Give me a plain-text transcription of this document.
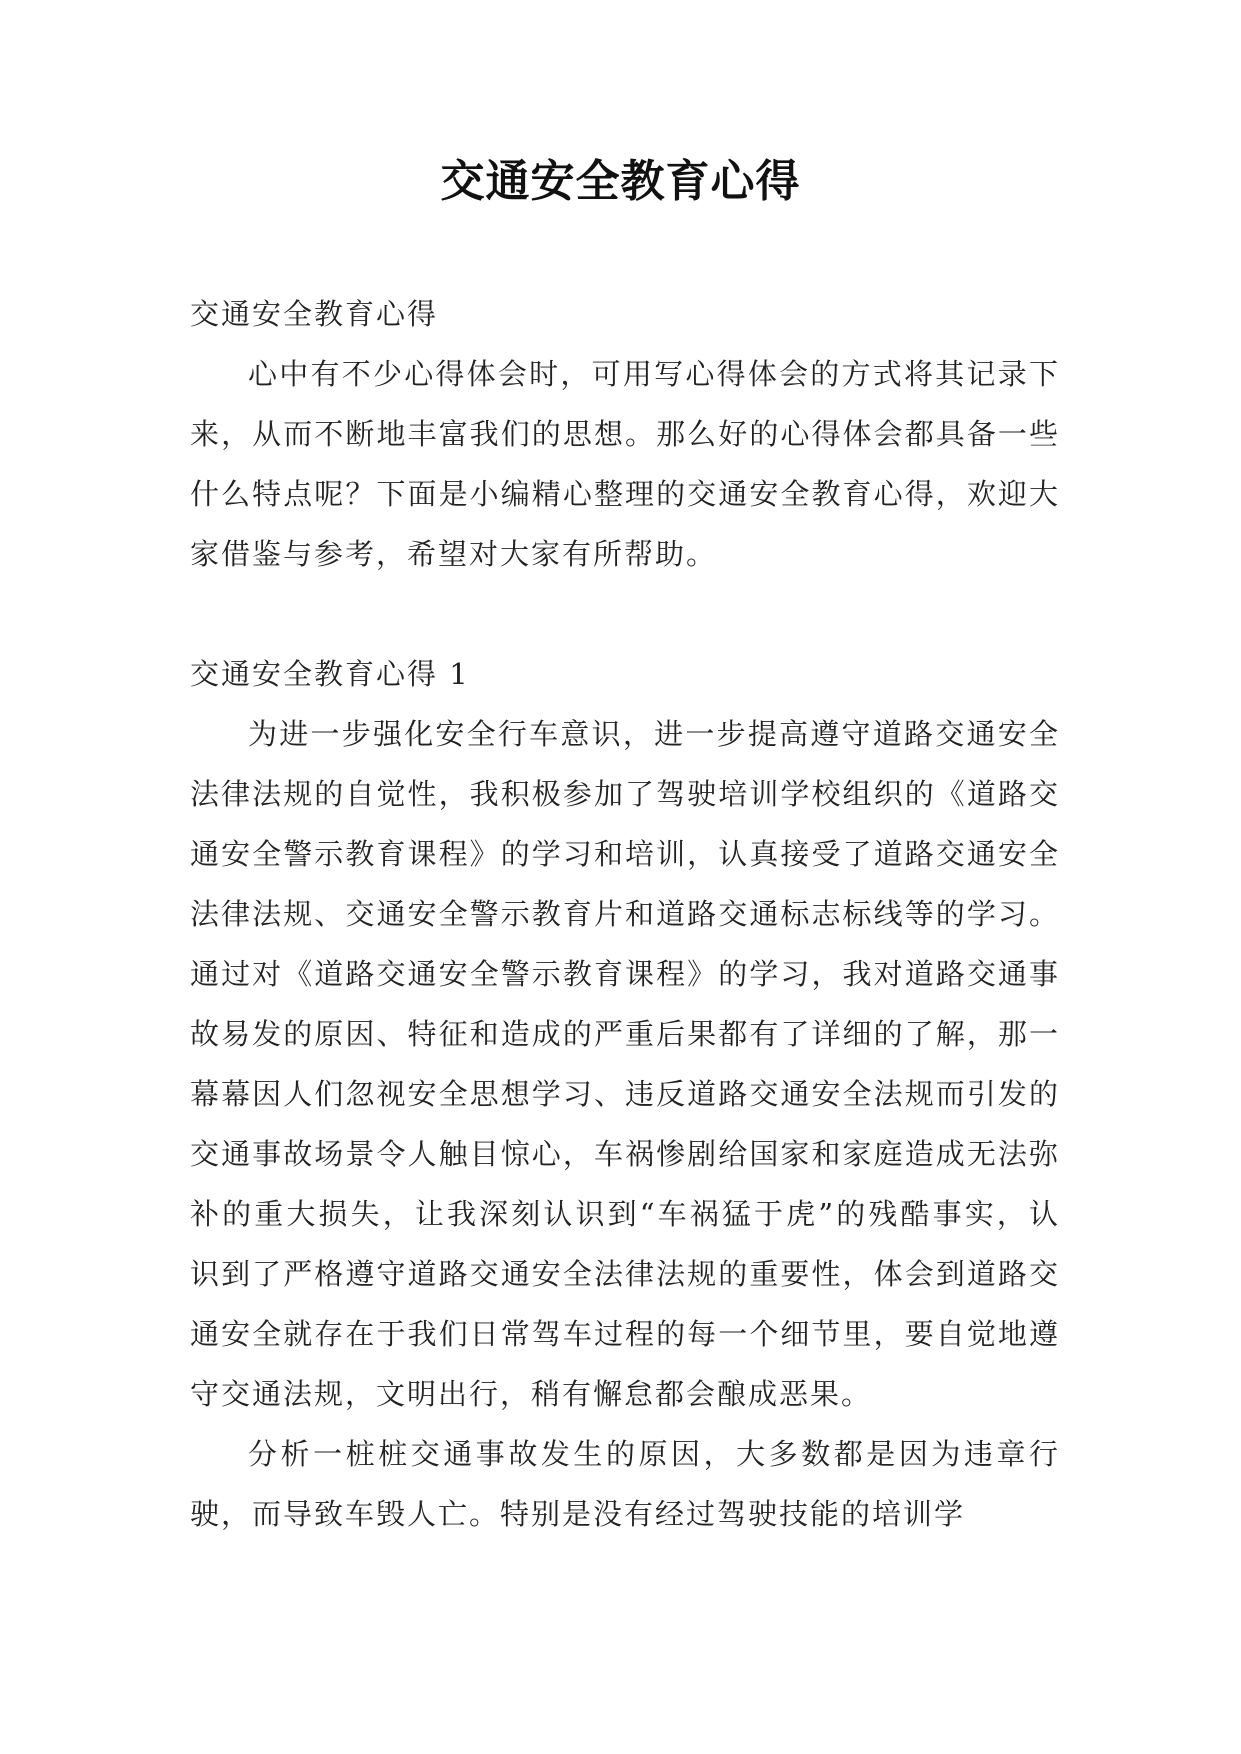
交通安全教育心得

交通安全教育心得

心中有不少心得体会时，可用写心得体会的方式将其记录下来，从而不断地丰富我们的思想。那么好的心得体会都具备一些什么特点呢？下面是小编精心整理的交通安全教育心得，欢迎大家借鉴与参考，希望对大家有所帮助。

交通安全教育心得 1

为进一步强化安全行车意识，进一步提高遵守道路交通安全法律法规的自觉性，我积极参加了驾驶培训学校组织的《道路交通安全警示教育课程》的学习和培训，认真接受了道路交通安全法律法规、交通安全警示教育片和道路交通标志标线等的学习。通过对《道路交通安全警示教育课程》的学习，我对道路交通事故易发的原因、特征和造成的严重后果都有了详细的了解，那一幕幕因人们忽视安全思想学习、违反道路交通安全法规而引发的交通事故场景令人触目惊心，车祸惨剧给国家和家庭造成无法弥补的重大损失，让我深刻认识到“车祸猛于虎”的残酷事实，认识到了严格遵守道路交通安全法律法规的重要性，体会到道路交通安全就存在于我们日常驾车过程的每一个细节里，要自觉地遵守交通法规，文明出行，稍有懈怠都会酿成恶果。

分析一桩桩交通事故发生的原因，大多数都是因为违章行驶，而导致车毁人亡。特别是没有经过驾驶技能的培训学
